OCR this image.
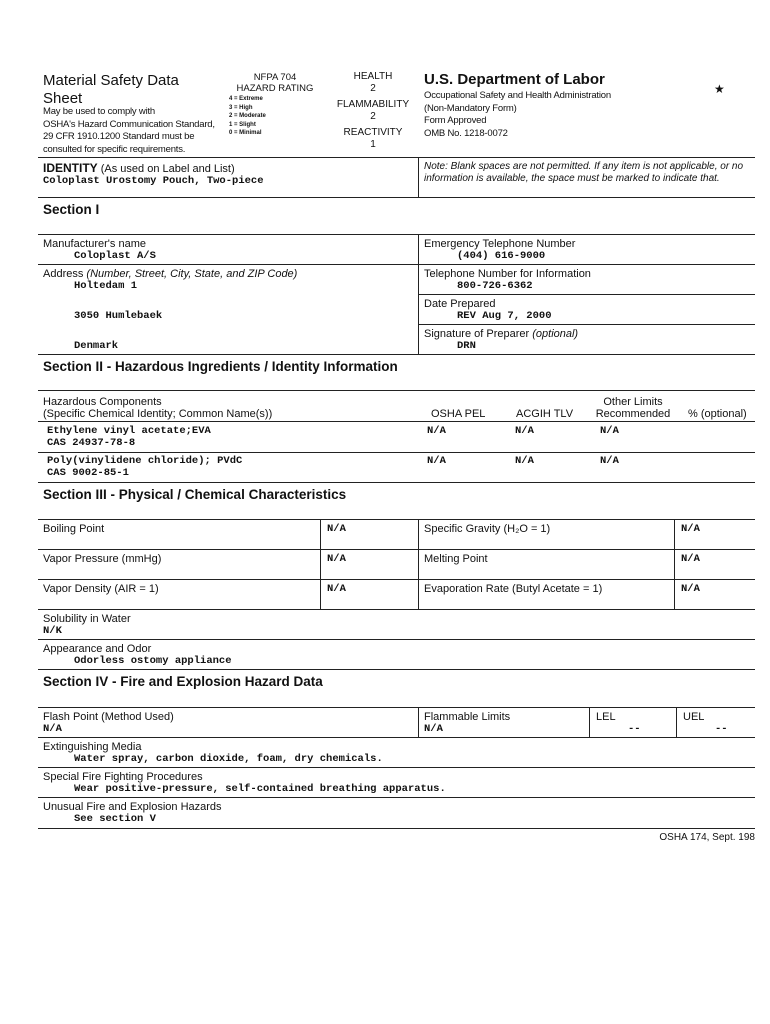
Material Safety Data
Sheet
May be used to comply with
OSHA's Hazard Communication Standard,
29 CFR 1910.1200 Standard must be
consulted for specific requirements.
NFPA 704
HAZARD RATING
4 = Extreme
3 = High
2 = Moderate
1 = Slight
0 = Minimal
HEALTH
2
FLAMMABILITY
2
REACTIVITY
1
U.S. Department of Labor
Occupational Safety and Health Administration
(Non-Mandatory Form)
Form Approved
OMB No. 1218-0072
★
IDENTITY (As used on Label and List)
Coloplast Urostomy Pouch, Two-piece
Note: Blank spaces are not permitted. If any item is not applicable, or no information is available, the space must be marked to indicate that.
Section I
Manufacturer's name
Coloplast A/S
Emergency Telephone Number
(404) 616-9000
Address (Number, Street, City, State, and ZIP Code)
Holtedam 1
Telephone Number for Information
800-726-6362
3050 Humlebaek
Date Prepared
REV Aug 7, 2000
Denmark
Signature of Preparer (optional)
DRN
Section II - Hazardous Ingredients / Identity Information
Hazardous Components
(Specific Chemical Identity; Common Name(s))	OSHA PEL	ACGIH TLV
Other Limits
Recommended	% (optional)
Ethylene vinyl acetate;EVA
CAS 24937-78-8
N/A	N/A	N/A
Poly(vinylidene chloride); PVdC
CAS 9002-85-1
N/A	N/A	N/A
Section III - Physical / Chemical Characteristics
Boiling Point	N/A	Specific Gravity (H₂O = 1)	N/A
Vapor Pressure (mmHg)	N/A	Melting Point	N/A
Vapor Density (AIR = 1)	N/A	Evaporation Rate (Butyl Acetate = 1)	N/A
Solubility in Water
N/K
Appearance and Odor
Odorless ostomy appliance
Section IV - Fire and Explosion Hazard Data
Flash Point (Method Used)
N/A
Flammable Limits
N/A
LEL
--
UEL
--
Extinguishing Media
Water spray, carbon dioxide, foam, dry chemicals.
Special Fire Fighting Procedures
Wear positive-pressure, self-contained breathing apparatus.
Unusual Fire and Explosion Hazards
See section V
OSHA 174, Sept. 198
